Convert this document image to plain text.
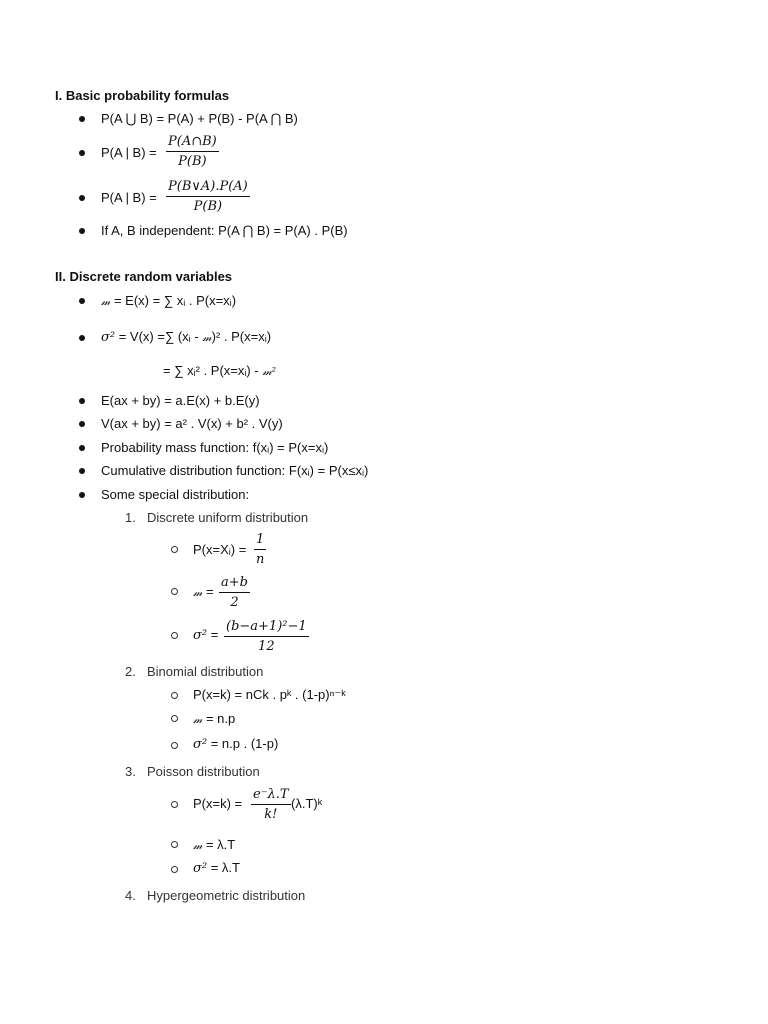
I. Basic probability formulas
P(A ⋃ B) = P(A) + P(B) - P(A ⋂ B)
P(A | $B) = \frac{P(A\cap B)}{P(B)}$
P(A | $B) = \frac{P(B\vee A).P(A)}{P(B)}$
If A, B independent: P(A ⋂ B) = P(A) . P(B)
II. Discrete random variables
𝓂 = E(x) = ∑ xᵢ . P(x=xᵢ)
σ² = V(x) =∑ (xᵢ - 𝓂)² . P(x=xᵢ)
= ∑ xᵢ² . P(x=xᵢ) - 𝓂²
E(ax + by) = a.E(x) + b.E(y)
V(ax + by) = a² . V(x) + b² . V(y)
Probability mass function: f(xᵢ) = P(x=xᵢ)
Cumulative distribution function: F(xᵢ) = P(x≤xᵢ)
Some special distribution:
1. Discrete uniform distribution
P(x=Xᵢ) = $\frac{1}{n}$
𝓂 = $\frac{a+b}{2}$
$\sigma^2 = \frac{\text{(b−a+1)²−1}}{12}$
2. Binomial distribution
P(x=k) = nCk . pᵏ . (1-p)ⁿ⁻ᵏ
𝓂 = n.p
σ² = n.p . (1-p)
3. Poisson distribution
$P(x=k) = \frac{e^-\lambda.T}{k!}$ (λ.T)ᵏ
𝓂 = λ.T
σ² = λ.T
4. Hypergeometric distribution
